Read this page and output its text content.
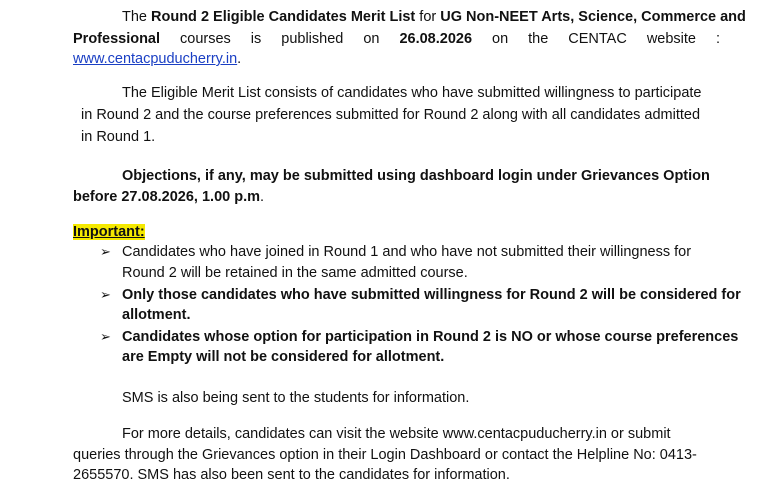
The Round 2 Eligible Candidates Merit List for UG Non-NEET Arts, Science, Commerce and
Professional courses is published on 26.08.2026 on the CENTAC website :
www.centacpuducherry.in.
The Eligible Merit List consists of candidates who have submitted willingness to participate
in Round 2 and the course preferences submitted for Round 2 along with all candidates admitted
in Round 1.
Objections, if any, may be submitted using dashboard login under Grievances Option
before 27.08.2026, 1.00 p.m.
Important:
➢ Candidates who have joined in Round 1 and who have not submitted their willingness for
Round 2 will be retained in the same admitted course.
➢ Only those candidates who have submitted willingness for Round 2 will be considered for
allotment.
➢ Candidates whose option for participation in Round 2 is NO or whose course preferences
are Empty will not be considered for allotment.
SMS is also being sent to the students for information.
For more details, candidates can visit the website www.centacpuducherry.in or submit
queries through the Grievances option in their Login Dashboard or contact the Helpline No: 0413-
2655570. SMS has also been sent to the candidates for information.
